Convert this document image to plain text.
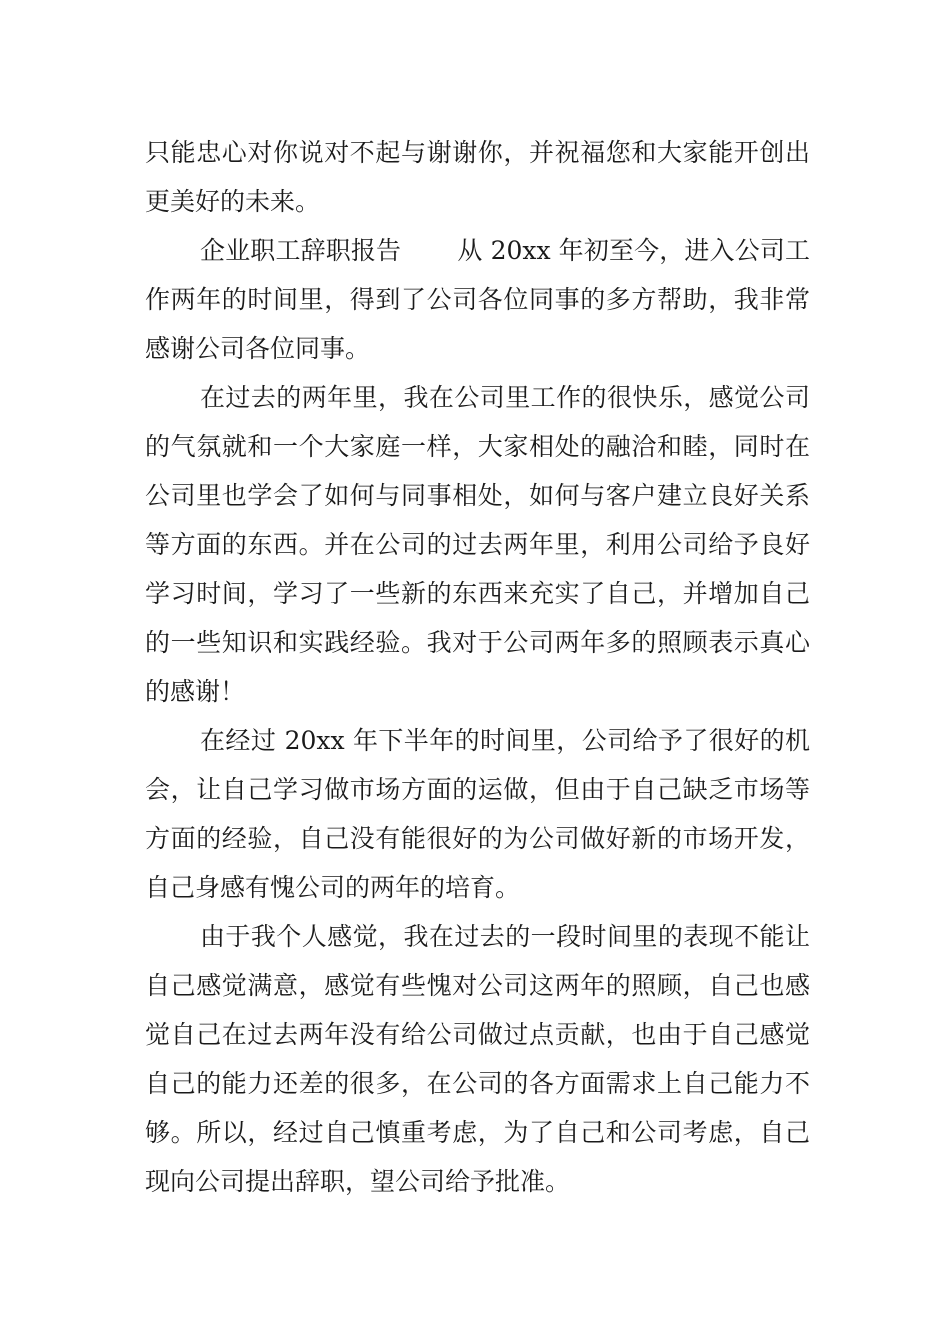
只能忠心对你说对不起与谢谢你，并祝福您和大家能开创出更美好的未来。

企业职工辞职报告 从 20xx 年初至今，进入公司工作两年的时间里，得到了公司各位同事的多方帮助，我非常感谢公司各位同事。

在过去的两年里，我在公司里工作的很快乐，感觉公司的气氛就和一个大家庭一样，大家相处的融洽和睦，同时在公司里也学会了如何与同事相处，如何与客户建立良好关系等方面的东西。并在公司的过去两年里，利用公司给予良好学习时间，学习了一些新的东西来充实了自己，并增加自己的一些知识和实践经验。我对于公司两年多的照顾表示真心的感谢！

在经过 20xx 年下半年的时间里，公司给予了很好的机会，让自己学习做市场方面的运做，但由于自己缺乏市场等方面的经验，自己没有能很好的为公司做好新的市场开发，自己身感有愧公司的两年的培育。

由于我个人感觉，我在过去的一段时间里的表现不能让自己感觉满意，感觉有些愧对公司这两年的照顾，自己也感觉自己在过去两年没有给公司做过点贡献，也由于自己感觉自己的能力还差的很多，在公司的各方面需求上自己能力不够。所以，经过自己慎重考虑，为了自己和公司考虑，自己现向公司提出辞职，望公司给予批准。
